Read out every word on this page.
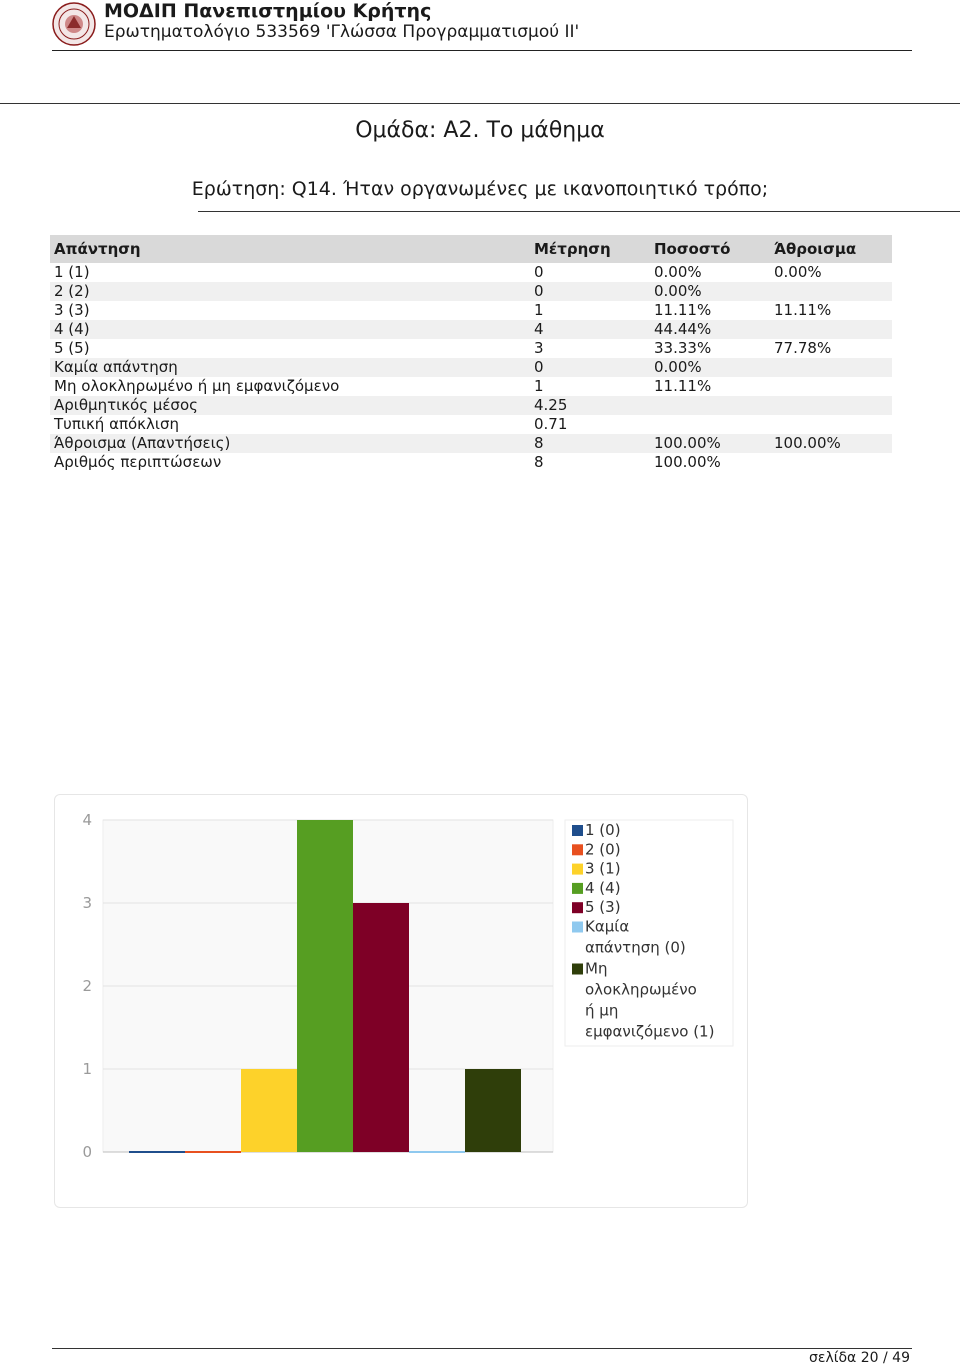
ΜΟΔΙΠ Πανεπιστημίου Κρήτης
Ερωτηματολόγιο 533569 'Γλώσσα Προγραμματισμού ΙΙ'
Ομάδα: A2. Το μάθημα
Ερώτηση: Q14. Ήταν οργανωμένες με ικανοποιητικό τρόπο;
Απάντηση	Μέτρηση	Ποσοστό	Άθροισμα
1 (1)	0	0.00%	0.00%
2 (2)	0	0.00%	
3 (3)	1	11.11%	11.11%
4 (4)	4	44.44%	
5 (5)	3	33.33%	77.78%
Καμία απάντηση	0	0.00%	
Μη ολοκληρωμένο ή μη εμφανιζόμενο	1	11.11%	
Αριθμητικός μέσος	4.25		
Τυπική απόκλιση	0.71		
Άθροισμα (Απαντήσεις)	8	100.00%	100.00%
Αριθμός περιπτώσεων	8	100.00%	
0
1
2
3
4
1 (0)
2 (0)
3 (1)
4 (4)
5 (3)
Καμία
απάντηση (0)
Μη
ολοκληρωμένο
ή μη
εμφανιζόμενο (1)
σελίδα 20 / 49
